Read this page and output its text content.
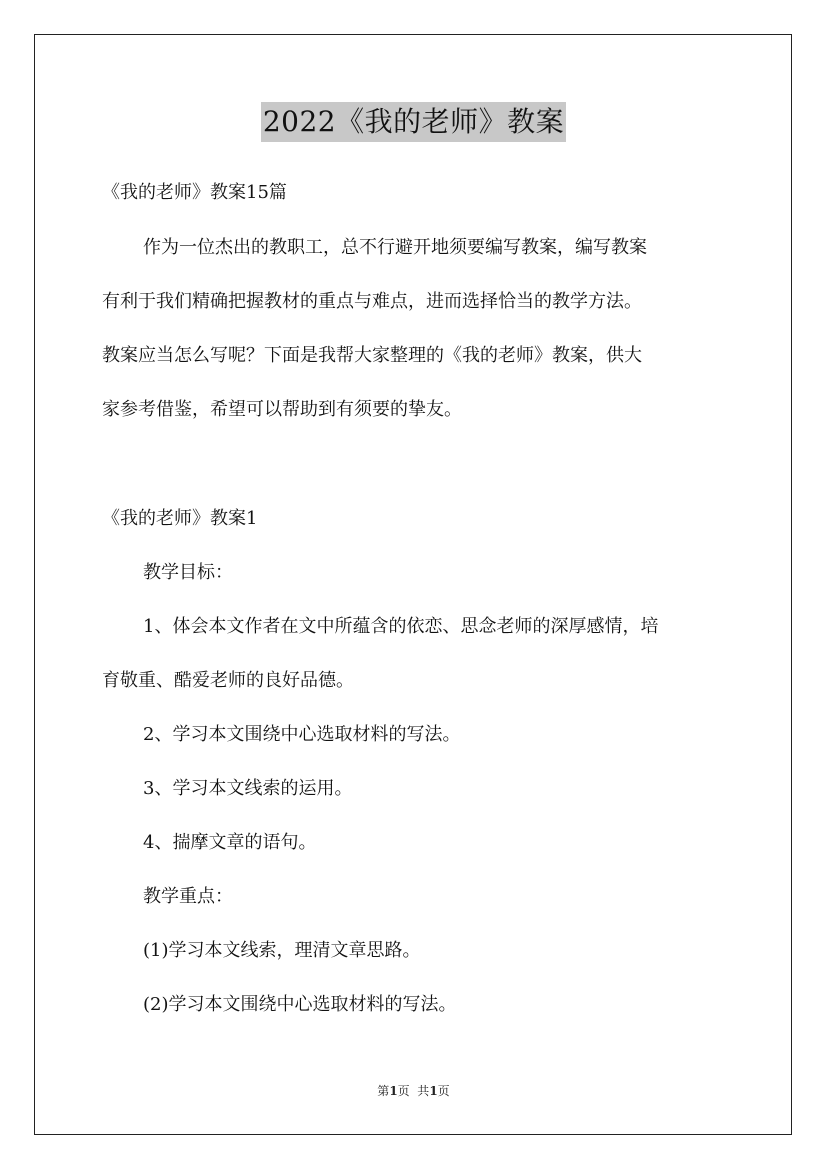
2022《我的老师》教案
《我的老师》教案15篇
作为一位杰出的教职工，总不行避开地须要编写教案，编写教案
有利于我们精确把握教材的重点与难点，进而选择恰当的教学方法。
教案应当怎么写呢？下面是我帮大家整理的《我的老师》教案，供大
家参考借鉴，希望可以帮助到有须要的挚友。
《我的老师》教案1
教学目标：
1、体会本文作者在文中所蕴含的依恋、思念老师的深厚感情，培
育敬重、酷爱老师的良好品德。
2、学习本文围绕中心选取材料的写法。
3、学习本文线索的运用。
4、揣摩文章的语句。
教学重点：
(1)学习本文线索，理清文章思路。
(2)学习本文围绕中心选取材料的写法。
第1页  共1页
